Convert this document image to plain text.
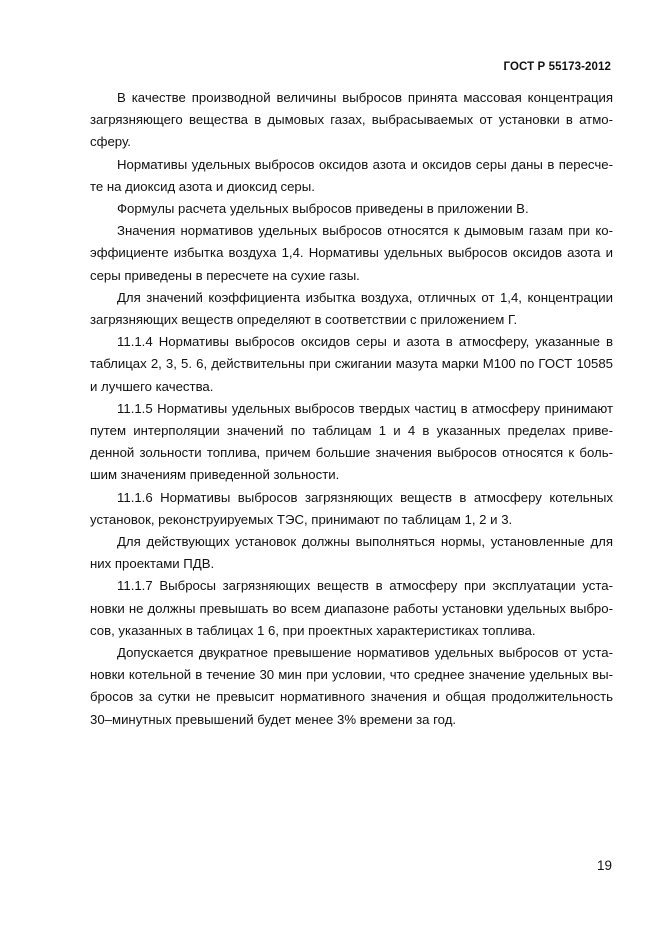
ГОСТ Р 55173-2012

В качестве производной величины выбросов принята массовая концентрация загрязняющего вещества в дымовых газах, выбрасываемых от установки в атмосферу.

Нормативы удельных выбросов оксидов азота и оксидов серы даны в пересчете на диоксид азота и диоксид серы.

Формулы расчета удельных выбросов приведены в приложении В.

Значения нормативов удельных выбросов относятся к дымовым газам при коэффициенте избытка воздуха 1,4. Нормативы удельных выбросов оксидов азота и серы приведены в пересчете на сухие газы.

Для значений коэффициента избытка воздуха, отличных от 1,4, концентрации загрязняющих веществ определяют в соответствии с приложением Г.

11.1.4 Нормативы выбросов оксидов серы и азота в атмосферу, указанные в таблицах 2, 3, 5. 6, действительны при сжигании мазута марки М100 по ГОСТ 10585 и лучшего качества.

11.1.5 Нормативы удельных выбросов твердых частиц в атмосферу принимают путем интерполяции значений по таблицам 1 и 4 в указанных пределах приведенной зольности топлива, причем большие значения выбросов относятся к большим значениям приведенной зольности.

11.1.6 Нормативы выбросов загрязняющих веществ в атмосферу котельных установок, реконструируемых ТЭС, принимают по таблицам 1, 2 и 3.

Для действующих установок должны выполняться нормы, установленные для них проектами ПДВ.

11.1.7 Выбросы загрязняющих веществ в атмосферу при эксплуатации установки не должны превышать во всем диапазоне работы установки удельных выбросов, указанных в таблицах 1 6, при проектных характеристиках топлива.

Допускается двукратное превышение нормативов удельных выбросов от установки котельной в течение 30 мин при условии, что среднее значение удельных выбросов за сутки не превысит нормативного значения и общая продолжительность 30–минутных превышений будет менее 3% времени за год.

19
